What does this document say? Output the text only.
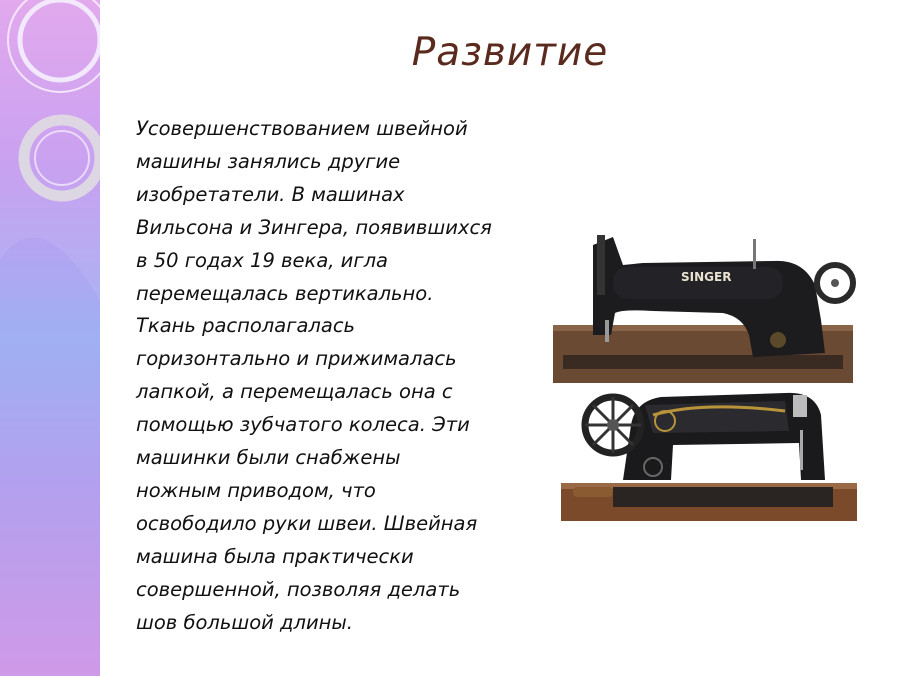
Развитие
Усовершенствованием швейной
машины занялись другие
изобретатели. В машинах
Вильсона и Зингера, появившихся
в 50 годах 19 века, игла
перемещалась вертикально.
Ткань располагалась
горизонтально и прижималась
лапкой, а перемещалась она с
помощью зубчатого колеса. Эти
машинки были снабжены
ножным приводом, что
освободило руки швеи. Швейная
машина была практически
совершенной, позволяя делать
шов большой длины.
SINGER
